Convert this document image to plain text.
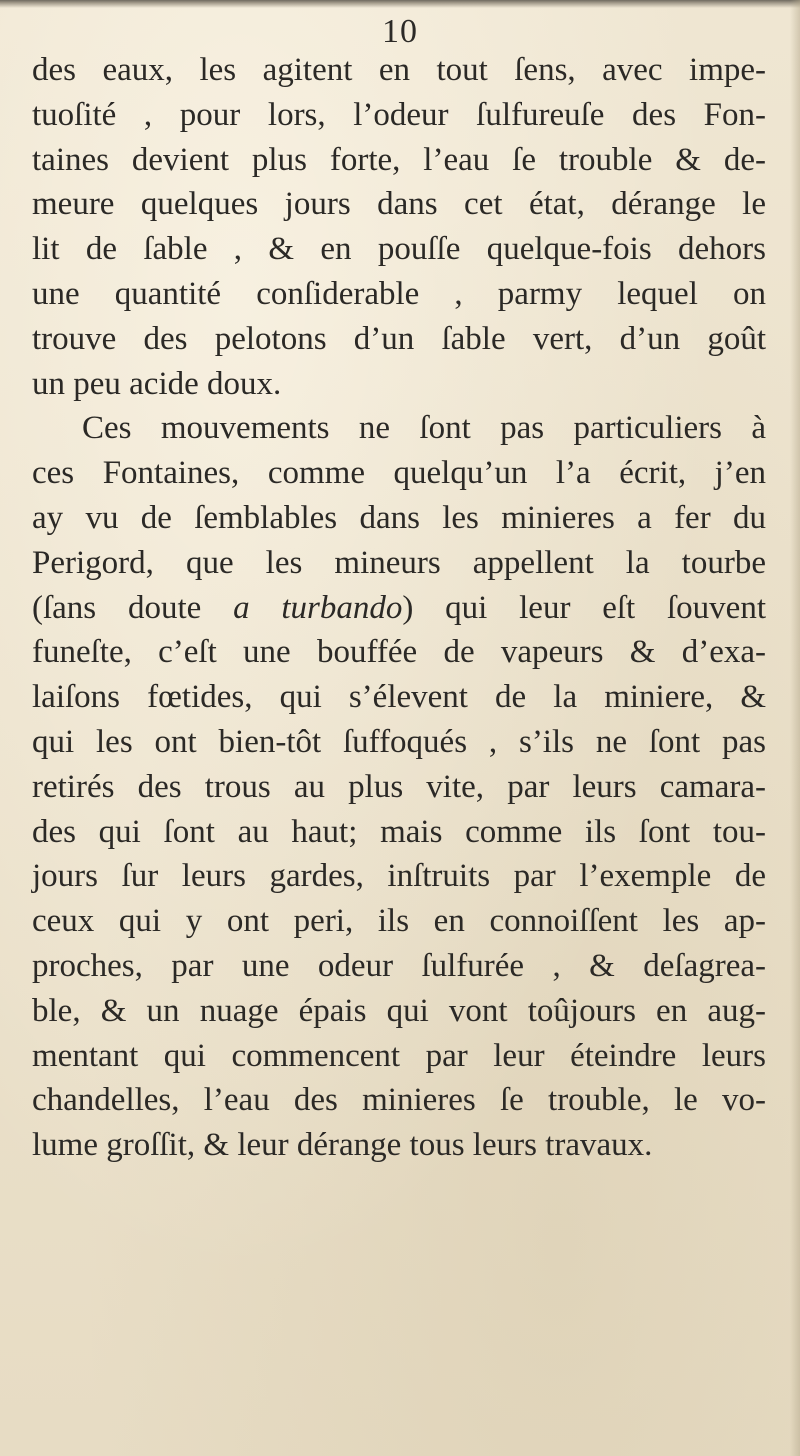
10
des eaux, les agitent en tout ſens, avec impe-
tuoſité , pour lors, l’odeur ſulfureuſe des Fon-
taines devient plus forte, l’eau ſe trouble & de-
meure quelques jours dans cet état, dérange le
lit de ſable , & en pouſſe quelque-fois dehors
une quantité conſiderable , parmy lequel on
trouve des pelotons d’un ſable vert, d’un goût
un peu acide doux.
Ces mouvements ne ſont pas particuliers à
ces Fontaines, comme quelqu’un l’a écrit, j’en
ay vu de ſemblables dans les minieres a fer du
Perigord, que les mineurs appellent la tourbe
(ſans doute a turbando) qui leur eſt ſouvent
funeſte, c’eſt une bouffée de vapeurs & d’exa-
laiſons fœtides, qui s’élevent de la miniere, &
qui les ont bien-tôt ſuffoqués , s’ils ne ſont pas
retirés des trous au plus vite, par leurs camara-
des qui ſont au haut; mais comme ils ſont tou-
jours ſur leurs gardes, inſtruits par l’exemple de
ceux qui y ont peri, ils en connoiſſent les ap-
proches, par une odeur ſulfurée , & deſagrea-
ble, & un nuage épais qui vont toûjours en aug-
mentant qui commencent par leur éteindre leurs
chandelles, l’eau des minieres ſe trouble, le vo-
lume groſſit, & leur dérange tous leurs travaux.
